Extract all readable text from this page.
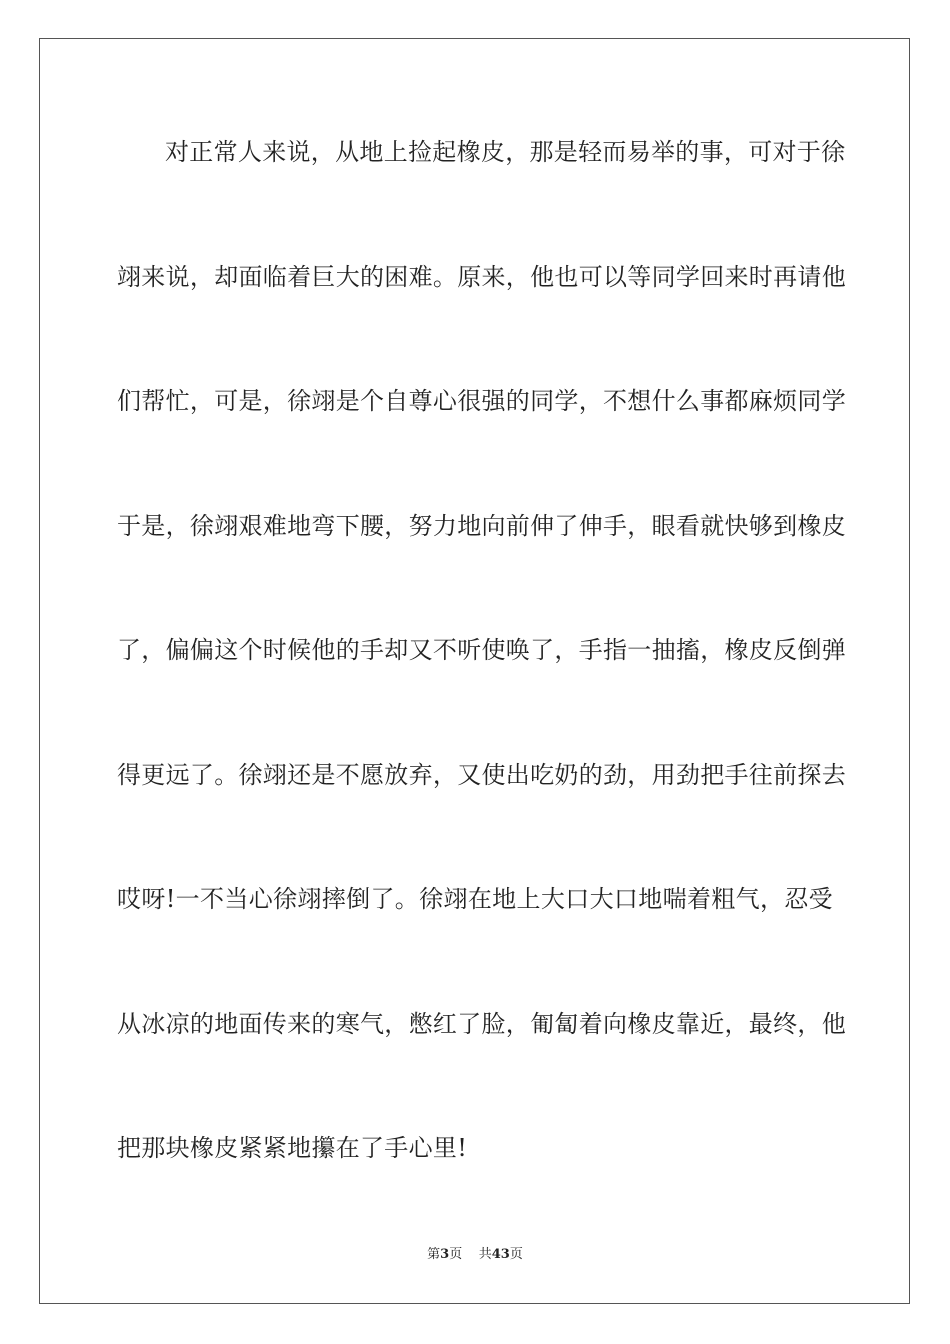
对正常人来说，从地上捡起橡皮，那是轻而易举的事，可对于徐
翊来说，却面临着巨大的困难。原来，他也可以等同学回来时再请他
们帮忙，可是，徐翊是个自尊心很强的同学，不想什么事都麻烦同学
于是，徐翊艰难地弯下腰，努力地向前伸了伸手，眼看就快够到橡皮
了，偏偏这个时候他的手却又不听使唤了，手指一抽搐，橡皮反倒弹
得更远了。徐翊还是不愿放弃，又使出吃奶的劲，用劲把手往前探去
哎呀!一不当心徐翊摔倒了。徐翊在地上大口大口地喘着粗气，忍受
从冰凉的地面传来的寒气，憋红了脸，匍匐着向橡皮靠近，最终，他
把那块橡皮紧紧地攥在了手心里!
第3页 共43页
